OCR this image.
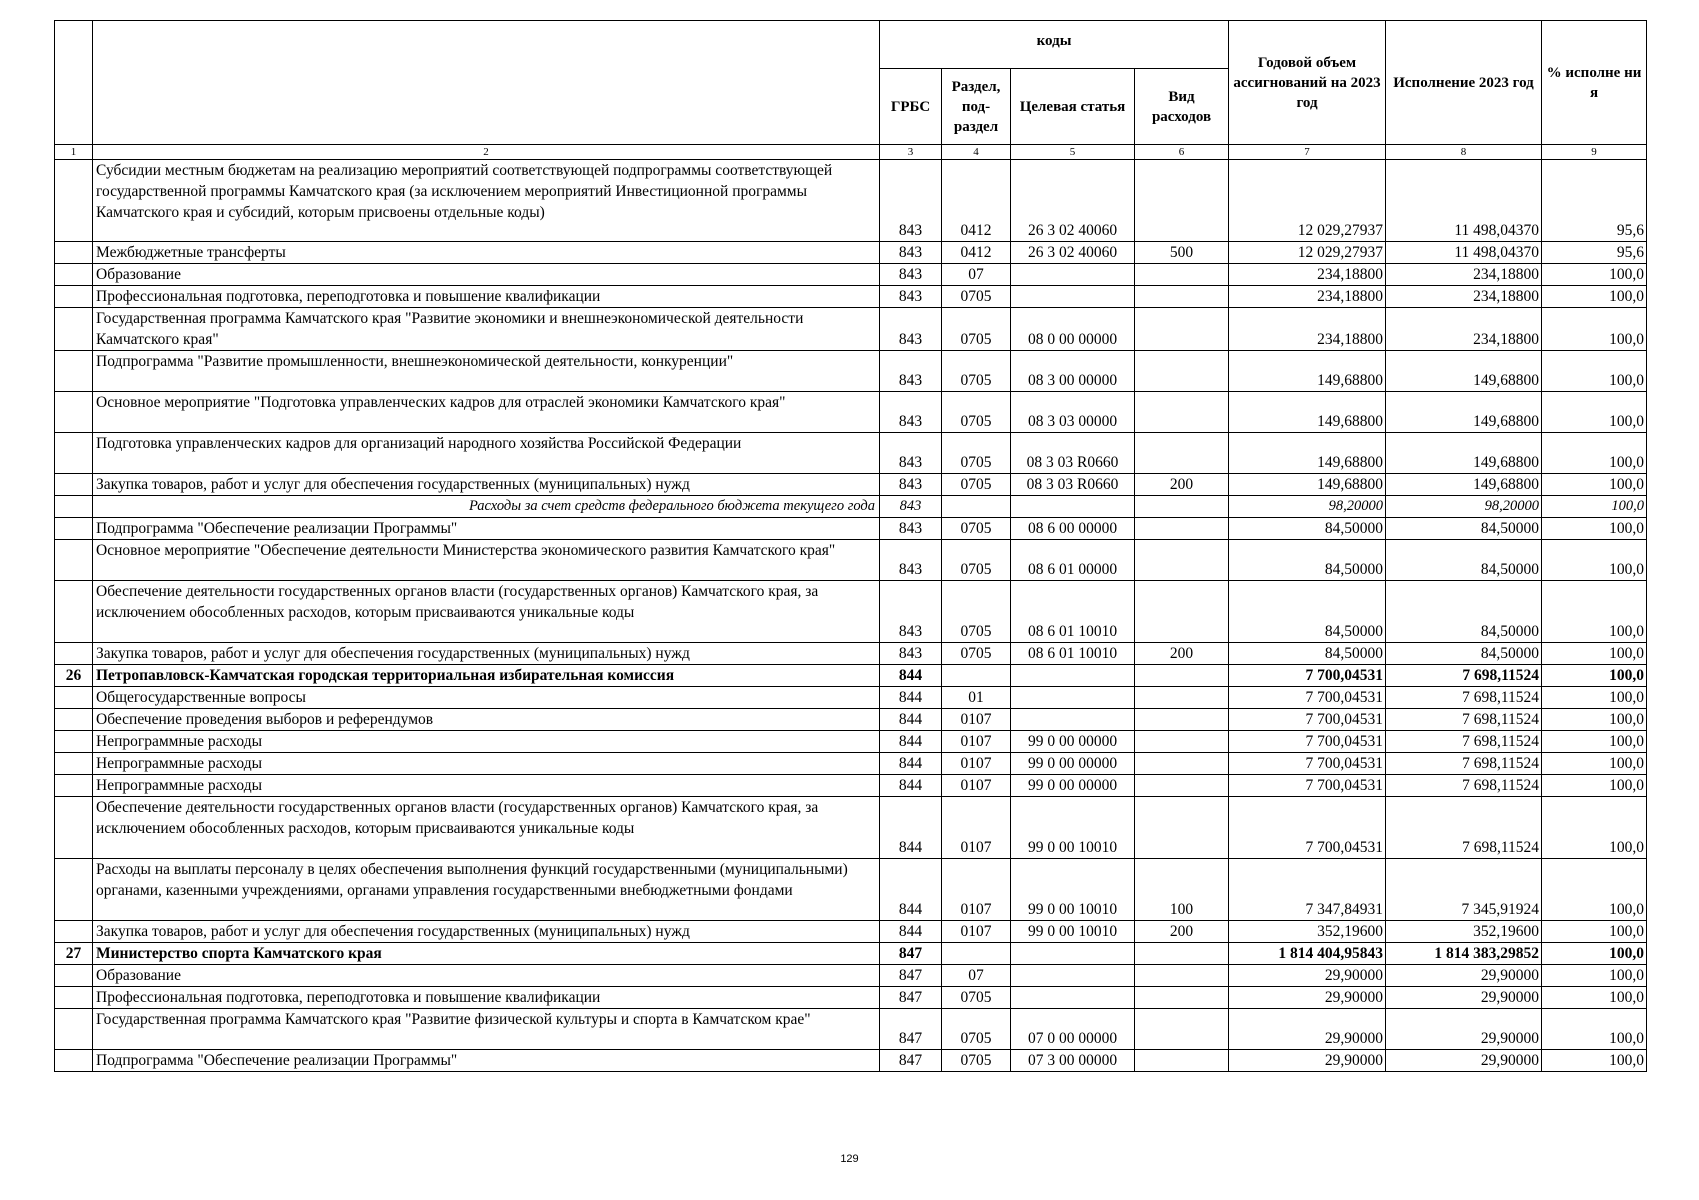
		коды				Годовой объем ассигнований на 2023 год	Исполнение 2023 год	% исполне ния
		ГРБС	Раздел, под-раздел	Целевая статья	Вид расходов			
1	2	3	4	5	6	7	8	9
	Субсидии местным бюджетам на реализацию мероприятий соответствующей подпрограммы соответствующей государственной программы Камчатского края (за исключением мероприятий Инвестиционной программы Камчатского края и субсидий, которым присвоены отдельные коды)	843	0412	26 3 02 40060		12 029,27937	11 498,04370	95,6
	Межбюджетные трансферты	843	0412	26 3 02 40060	500	12 029,27937	11 498,04370	95,6
	Образование	843	07			234,18800	234,18800	100,0
	Профессиональная подготовка, переподготовка и повышение квалификации	843	0705			234,18800	234,18800	100,0
	Государственная программа Камчатского края "Развитие экономики и внешнеэкономической деятельности Камчатского края"	843	0705	08 0 00 00000		234,18800	234,18800	100,0
	Подпрограмма "Развитие промышленности, внешнеэкономической деятельности, конкуренции"	843	0705	08 3 00 00000		149,68800	149,68800	100,0
	Основное мероприятие "Подготовка управленческих кадров для отраслей экономики Камчатского края"	843	0705	08 3 03 00000		149,68800	149,68800	100,0
	Подготовка управленческих кадров для организаций народного хозяйства Российской Федерации	843	0705	08 3 03 R0660		149,68800	149,68800	100,0
	Закупка товаров, работ и услуг для обеспечения государственных (муниципальных) нужд	843	0705	08 3 03 R0660	200	149,68800	149,68800	100,0
	Расходы за счет средств федерального бюджета текущего года	843				98,20000	98,20000	100,0
	Подпрограмма "Обеспечение реализации Программы"	843	0705	08 6 00 00000		84,50000	84,50000	100,0
	Основное мероприятие "Обеспечение деятельности Министерства экономического развития Камчатского края"	843	0705	08 6 01 00000		84,50000	84,50000	100,0
	Обеспечение деятельности государственных органов власти (государственных органов) Камчатского края, за исключением обособленных расходов, которым присваиваются уникальные коды	843	0705	08 6 01 10010		84,50000	84,50000	100,0
	Закупка товаров, работ и услуг для обеспечения государственных (муниципальных) нужд	843	0705	08 6 01 10010	200	84,50000	84,50000	100,0
26	Петропавловск-Камчатская городская территориальная избирательная комиссия	844				7 700,04531	7 698,11524	100,0
	Общегосударственные вопросы	844	01			7 700,04531	7 698,11524	100,0
	Обеспечение проведения выборов и референдумов	844	0107			7 700,04531	7 698,11524	100,0
	Непрограммные расходы	844	0107	99 0 00 00000		7 700,04531	7 698,11524	100,0
	Непрограммные расходы	844	0107	99 0 00 00000		7 700,04531	7 698,11524	100,0
	Непрограммные расходы	844	0107	99 0 00 00000		7 700,04531	7 698,11524	100,0
	Обеспечение деятельности государственных органов власти (государственных органов) Камчатского края, за исключением обособленных расходов, которым присваиваются уникальные коды	844	0107	99 0 00 10010		7 700,04531	7 698,11524	100,0
	Расходы на выплаты персоналу в целях обеспечения выполнения функций государственными (муниципальными) органами, казенными учреждениями, органами управления государственными внебюджетными фондами	844	0107	99 0 00 10010	100	7 347,84931	7 345,91924	100,0
	Закупка товаров, работ и услуг для обеспечения государственных (муниципальных) нужд	844	0107	99 0 00 10010	200	352,19600	352,19600	100,0
27	Министерство спорта Камчатского края	847				1 814 404,95843	1 814 383,29852	100,0
	Образование	847	07			29,90000	29,90000	100,0
	Профессиональная подготовка, переподготовка и повышение квалификации	847	0705			29,90000	29,90000	100,0
	Государственная программа Камчатского края "Развитие физической культуры и спорта в Камчатском крае"	847	0705	07 0 00 00000		29,90000	29,90000	100,0
	Подпрограмма "Обеспечение реализации Программы"	847	0705	07 3 00 00000		29,90000	29,90000	100,0
129
